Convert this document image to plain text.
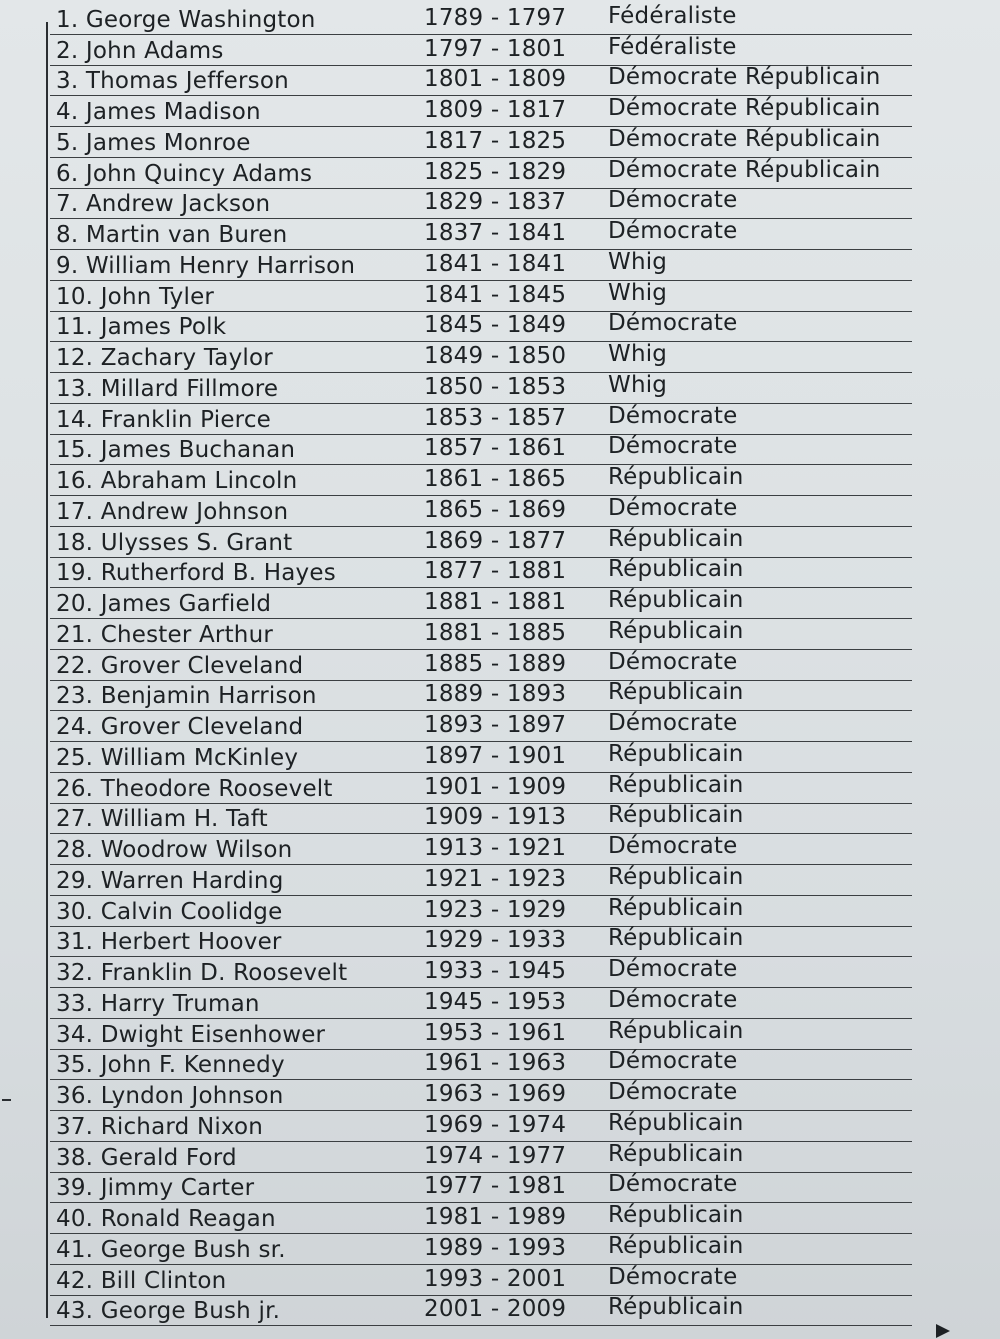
1. George Washington	1789 - 1797	Fédéraliste
2. John Adams	1797 - 1801	Fédéraliste
3. Thomas Jefferson	1801 - 1809	Démocrate Républicain
4. James Madison	1809 - 1817	Démocrate Républicain
5. James Monroe	1817 - 1825	Démocrate Républicain
6. John Quincy Adams	1825 - 1829	Démocrate Républicain
7. Andrew Jackson	1829 - 1837	Démocrate
8. Martin van Buren	1837 - 1841	Démocrate
9. William Henry Harrison	1841 - 1841	Whig
10. John Tyler	1841 - 1845	Whig
11. James Polk	1845 - 1849	Démocrate
12. Zachary Taylor	1849 - 1850	Whig
13. Millard Fillmore	1850 - 1853	Whig
14. Franklin Pierce	1853 - 1857	Démocrate
15. James Buchanan	1857 - 1861	Démocrate
16. Abraham Lincoln	1861 - 1865	Républicain
17. Andrew Johnson	1865 - 1869	Démocrate
18. Ulysses S. Grant	1869 - 1877	Républicain
19. Rutherford B. Hayes	1877 - 1881	Républicain
20. James Garfield	1881 - 1881	Républicain
21. Chester Arthur	1881 - 1885	Républicain
22. Grover Cleveland	1885 - 1889	Démocrate
23. Benjamin Harrison	1889 - 1893	Républicain
24. Grover Cleveland	1893 - 1897	Démocrate
25. William McKinley	1897 - 1901	Républicain
26. Theodore Roosevelt	1901 - 1909	Républicain
27. William H. Taft	1909 - 1913	Républicain
28. Woodrow Wilson	1913 - 1921	Démocrate
29. Warren Harding	1921 - 1923	Républicain
30. Calvin Coolidge	1923 - 1929	Républicain
31. Herbert Hoover	1929 - 1933	Républicain
32. Franklin D. Roosevelt	1933 - 1945	Démocrate
33. Harry Truman	1945 - 1953	Démocrate
34. Dwight Eisenhower	1953 - 1961	Républicain
35. John F. Kennedy	1961 - 1963	Démocrate
36. Lyndon Johnson	1963 - 1969	Démocrate
37. Richard Nixon	1969 - 1974	Républicain
38. Gerald Ford	1974 - 1977	Républicain
39. Jimmy Carter	1977 - 1981	Démocrate
40. Ronald Reagan	1981 - 1989	Républicain
41. George Bush sr.	1989 - 1993	Républicain
42. Bill Clinton	1993 - 2001	Démocrate
43. George Bush jr.	2001 - 2009	Républicain
